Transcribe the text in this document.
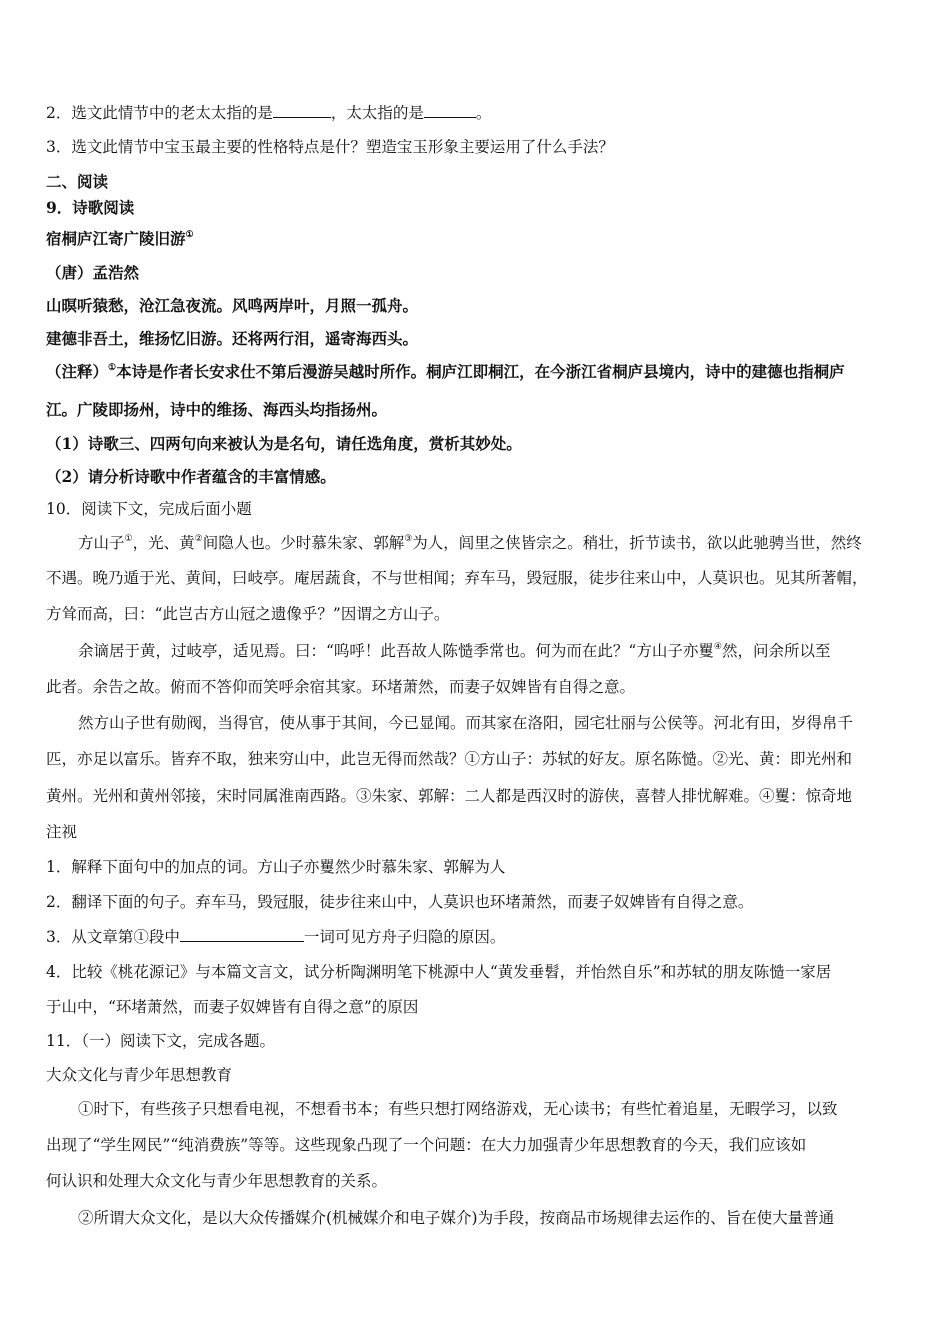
2．选文此情节中的老太太指的是	，太太指的是	。
3．选文此情节中宝玉最主要的性格特点是什？塑造宝玉形象主要运用了什么手法？
二、阅读
9．诗歌阅读
宿桐庐江寄广陵旧游①
（唐）孟浩然
山暝听猿愁，沧江急夜流。风鸣两岸叶，月照一孤舟。
建德非吾土，维扬忆旧游。还将两行泪，遥寄海西头。
（注释）①本诗是作者长安求仕不第后漫游吴越时所作。桐庐江即桐江，在今浙江省桐庐县境内，诗中的建德也指桐庐
江。广陵即扬州，诗中的维扬、海西头均指扬州。
（1）诗歌三、四两句向来被认为是名句，请任选角度，赏析其妙处。
（2）请分析诗歌中作者蕴含的丰富情感。
10．阅读下文，完成后面小题
方山子①，光、黄②间隐人也。少时慕朱家、郭解③为人，闾里之侠皆宗之。稍壮，折节读书，欲以此驰骋当世，然终
不遇。晚乃遁于光、黄间，曰岐亭。庵居蔬食，不与世相闻；弃车马，毁冠服，徒步往来山中，人莫识也。见其所著帽，
方耸而高，曰：“此岂古方山冠之遗像乎？”因谓之方山子。
余谪居于黄，过岐亭，适见焉。曰：“呜呼！此吾故人陈慥季常也。何为而在此？“方山子亦矍④然，问余所以至
此者。余告之故。俯而不答仰而笑呼余宿其家。环堵萧然，而妻子奴婢皆有自得之意。
然方山子世有勋阀，当得官，使从事于其间，今已显闻。而其家在洛阳，园宅壮丽与公侯等。河北有田，岁得帛千
匹，亦足以富乐。皆弃不取，独来穷山中，此岂无得而然哉？①方山子：苏轼的好友。原名陈慥。②光、黄：即光州和
黄州。光州和黄州邻接，宋时同属淮南西路。③朱家、郭解：二人都是西汉时的游侠，喜替人排忧解难。④矍：惊奇地
注视
1．解释下面句中的加点的词。方山子亦矍然少时慕朱家、郭解为人
2．翻译下面的句子。弃车马，毁冠服，徒步往来山中，人莫识也环堵萧然，而妻子奴婢皆有自得之意。
3．从文章第①段中	一词可见方舟子归隐的原因。
4．比较《桃花源记》与本篇文言文，试分析陶渊明笔下桃源中人“黄发垂髫，并怡然自乐”和苏轼的朋友陈慥一家居
于山中，“环堵萧然，而妻子奴婢皆有自得之意”的原因
11．（一）阅读下文，完成各题。
大众文化与青少年思想教育
①时下，有些孩子只想看电视，不想看书本；有些只想打网络游戏，无心读书；有些忙着追星，无暇学习，以致
出现了“学生网民”“纯消费族”等等。这些现象凸现了一个问题：在大力加强青少年思想教育的今天，我们应该如
何认识和处理大众文化与青少年思想教育的关系。
②所谓大众文化，是以大众传播媒介(机械媒介和电子媒介)为手段，按商品市场规律去运作的、旨在使大量普通
